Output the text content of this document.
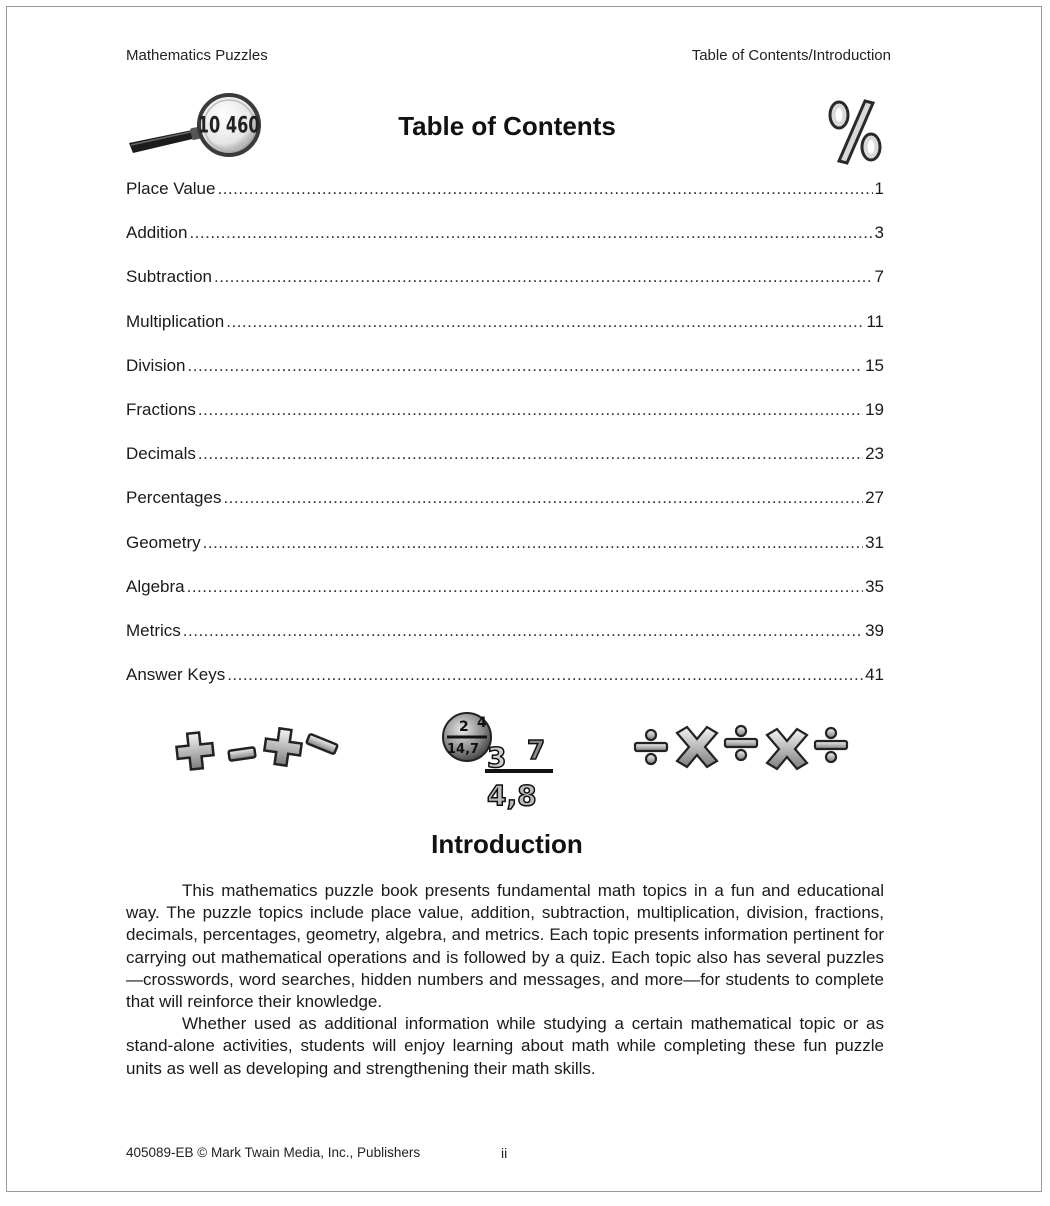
Mathematics Puzzles	Table of Contents/Introduction
10 460	Table of Contents
Place Value .....	1
Addition .....	3
Subtraction .....	7
Multiplication .....	11
Division .....	15
Fractions .....	19
Decimals .....	23
Percentages .....	27
Geometry .....	31
Algebra .....	35
Metrics .....	39
Answer Keys .....	41
2 4
14,7 3 7
4,8
Introduction

This mathematics puzzle book presents fundamental math topics in a fun and educational way. The puzzle topics include place value, addition, subtraction, multiplication, division, fractions, decimals, percentages, geometry, algebra, and metrics. Each topic presents information pertinent for carrying out mathematical operations and is followed by a quiz. Each topic also has several puzzles—crosswords, word searches, hidden numbers and messages, and more—for students to complete that will reinforce their knowledge.

Whether used as additional information while studying a certain mathematical topic or as stand-alone activities, students will enjoy learning about math while completing these fun puzzle units as well as developing and strengthening their math skills.

405089-EB © Mark Twain Media, Inc., Publishers	ii
